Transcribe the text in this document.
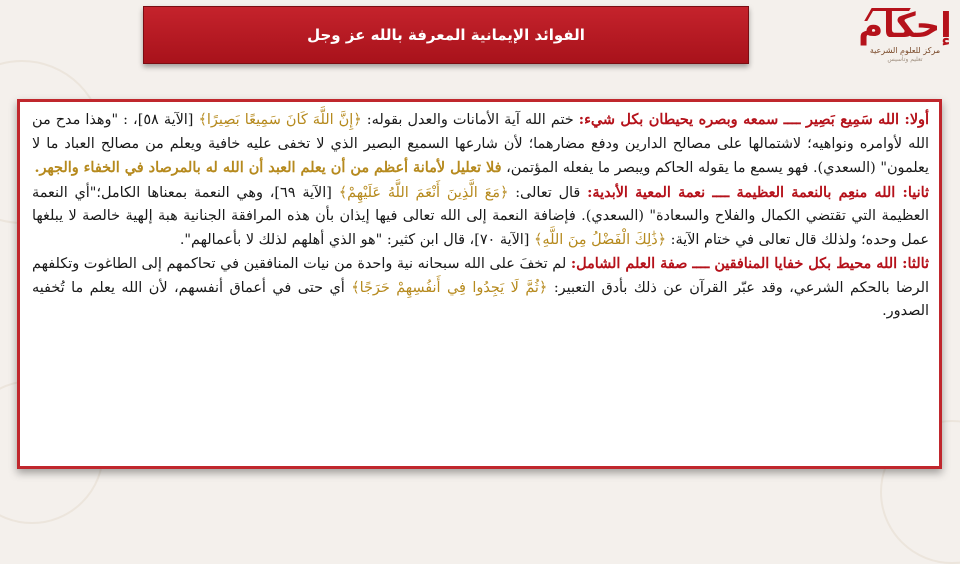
الفوائد الإيمانية المعرفة بالله عز وجل	إحكام
مركز للعلوم الشرعية
تعليم وتأسيس

أولا: الله سَمِيع بَصِير ــــ سمعه وبصره يحيطان بكل شيء: ختم الله آية الأمانات والعدل بقوله: ﴿إِنَّ اللَّهَ كَانَ سَمِيعًا بَصِيرًا﴾ [الآية ٥٨]، : "وهذا مدح من الله لأوامره ونواهيه؛ لاشتمالها على مصالح الدارين ودفع مضارهما؛ لأن شارعها السميع البصير الذي لا تخفى عليه خافية ويعلم من مصالح العباد ما لا يعلمون" (السعدي). فهو يسمع ما يقوله الحاكم ويبصر ما يفعله المؤتمن، فلا تعليل لأمانة أعظم من أن يعلم العبد أن الله له بالمرصاد في الخفاء والجهر.

ثانيا: الله منعِم بالنعمة العظيمة ــــ نعمة المعية الأبدية: قال تعالى: ﴿مَعَ الَّذِينَ أَنْعَمَ اللَّهُ عَلَيْهِمْ﴾ [الآية ٦٩]، وهي النعمة بمعناها الكامل؛"أي النعمة العظيمة التي تقتضي الكمال والفلاح والسعادة" (السعدي). فإضافة النعمة إلى الله تعالى فيها إيذان بأن هذه المرافقة الجنانية هبة إلهية خالصة لا يبلغها عمل وحده؛ ولذلك قال تعالى في ختام الآية: ﴿ذَٰلِكَ الْفَضْلُ مِنَ اللَّهِ﴾ [الآية ٧٠]، قال ابن كثير: "هو الذي أهلهم لذلك لا بأعمالهم".

ثالثا: الله محيط بكل خفايا المنافقين ــــ صفة العلم الشامل: لم تخفَ على الله سبحانه نية واحدة من نيات المنافقين في تحاكمهم إلى الطاغوت وتكلفهم الرضا بالحكم الشرعي، وقد عبّر القرآن عن ذلك بأدق التعبير: ﴿ثُمَّ لَا يَجِدُوا فِي أَنفُسِهِمْ حَرَجًا﴾ أي حتى في أعماق أنفسهم، لأن الله يعلم ما تُخفيه الصدور.
